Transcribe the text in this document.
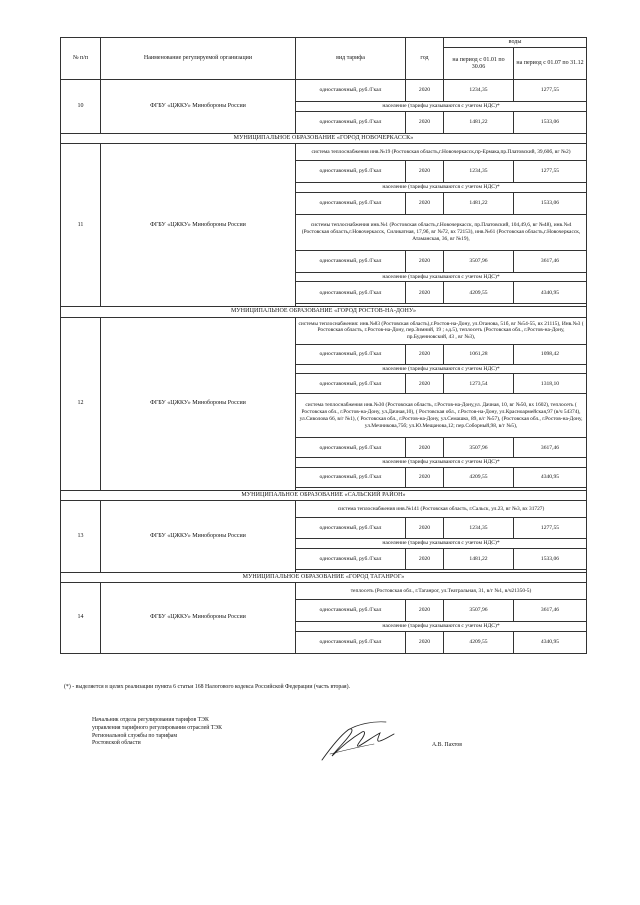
№ п/п	Наименование регулируемой организации	вид тарифа	год	воды	
				на период с 01.01 по 30.06	на период с 01.07 по 31.12
10	ФГБУ «ЦЖКУ» Минобороны России	одноставочный, руб./Гкал	2020	1234,35	1277,55
		население (тарифы указываются с учетом НДС)*			
		одноставочный, руб./Гкал	2020	1481,22	1533,06
МУНИЦИПАЛЬНОЕ ОБРАЗОВАНИЕ «ГОРОД НОВОЧЕРКАССК»					
11	ФГБУ «ЦЖКУ» Минобороны России	система теплоснабжения инв.№19 (Ростовская область,г.Новочеркасск,пр-Ермака,пр.Платовский, 39,60б, вг №2)			
		одноставочный, руб./Гкал	2020	1234,35	1277,55
		население (тарифы указываются с учетом НДС)*			
		одноставочный, руб./Гкал	2020	1481,22	1533,06
		системы теплоснабжения инв.№1 (Ростовская область,г.Новочеркасск, пр.Платовский, 104,49,6, вг №48), инв.№4 (Ростовская область,г.Новочеркасск, Силикатная, 17,9б, вг №72, вх 72153), инв.№61 (Ростовская область,г.Новочеркасск, Атаманская, 36, вг №19),			
		одноставочный, руб./Гкал	2020	3507,96	3617,46
		население (тарифы указываются с учетом НДС)*			
		одноставочный, руб./Гкал	2020	4209,55	4340,95

МУНИЦИПАЛЬНОЕ ОБРАЗОВАНИЕ «ГОРОД РОСТОВ-НА-ДОНУ»					
12	ФГБУ «ЦЖКУ» Минобороны России	системы теплоснабжения: инв.№83 (Ростовская область),г.Ростов-на-Дону, ул.Оганова, 51б, вг №54-55, вх 21115), Инв.№3 ( Ростовская область, г.Ростов-на-Дону, пер.Зимний, 19 ; ±д.5), теплосеть (Ростовская обл., г.Ростов-на-Дону, пр.Буденновский, 43 , вг №3),			
		одноставочный, руб./Гкал	2020	1061,28	1098,42
		население (тарифы указываются с учетом НДС)*			
		одноставочный, руб./Гкал	2020	1273,54	1318,10
		система теплоснабжения инв.№30 (Ростовская область, г.Ростов-на-Дону,ул. Дачная, 10, вг №50, вх 1602), теплосеть ( Ростовская обл., г.Ростов-на-Дону, ул.Дачная,10), ( Ростовская обл., г.Ростов-на-Дону, ул.Красноармейская,97 (в/ч 54374), ул.Сиволова 66, в/г №1), ( Ростовская обл., г.Ростов-на-Дону, ул.Семашко, 89, в/г №57), (Ростовская обл., г.Ростов-на-Дону, ул.Мечникова,75б; ул.Ю.Мещанова,12; пер.Соборный,98, в/г №5),			
		одноставочный, руб./Гкал	2020	3507,96	3617,46
		население (тарифы указываются с учетом НДС)*			
		одноставочный, руб./Гкал	2020	4209,55	4340,95

МУНИЦИПАЛЬНОЕ ОБРАЗОВАНИЕ «САЛЬСКИЙ РАЙОН»					
13	ФГБУ «ЦЖКУ» Минобороны России	система теплоснабжения инв.№141 (Ростовская область, г.Сальск, ул.23, вг №3, вх 31727)			
		одноставочный, руб./Гкал	2020	1234,35	1277,55
		население (тарифы указываются с учетом НДС)*			
		одноставочный, руб./Гкал	2020	1481,22	1533,06

МУНИЦИПАЛЬНОЕ ОБРАЗОВАНИЕ «ГОРОД ТАГАНРОГ»					
14	ФГБУ «ЦЖКУ» Минобороны России	теплосеть (Ростовская обл., г.Таганрог, ул.Театральная, 31, в/г №1, в/ч21350-5)			
		одноставочный, руб./Гкал	2020	3507,96	3617,46
		население (тарифы указываются с учетом НДС)*			
		одноставочный, руб./Гкал	2020	4209,55	4340,95
(*) - выделяется в целях реализации пункта 6 статьи 168 Налогового кодекса Российской Федерации (часть вторая).
Начальник отдела регулирования тарифов ТЭК
управления тарифного регулирования отраслей ТЭК
Региональной службы по тарифам
Ростовской области	А.В. Пахтов
